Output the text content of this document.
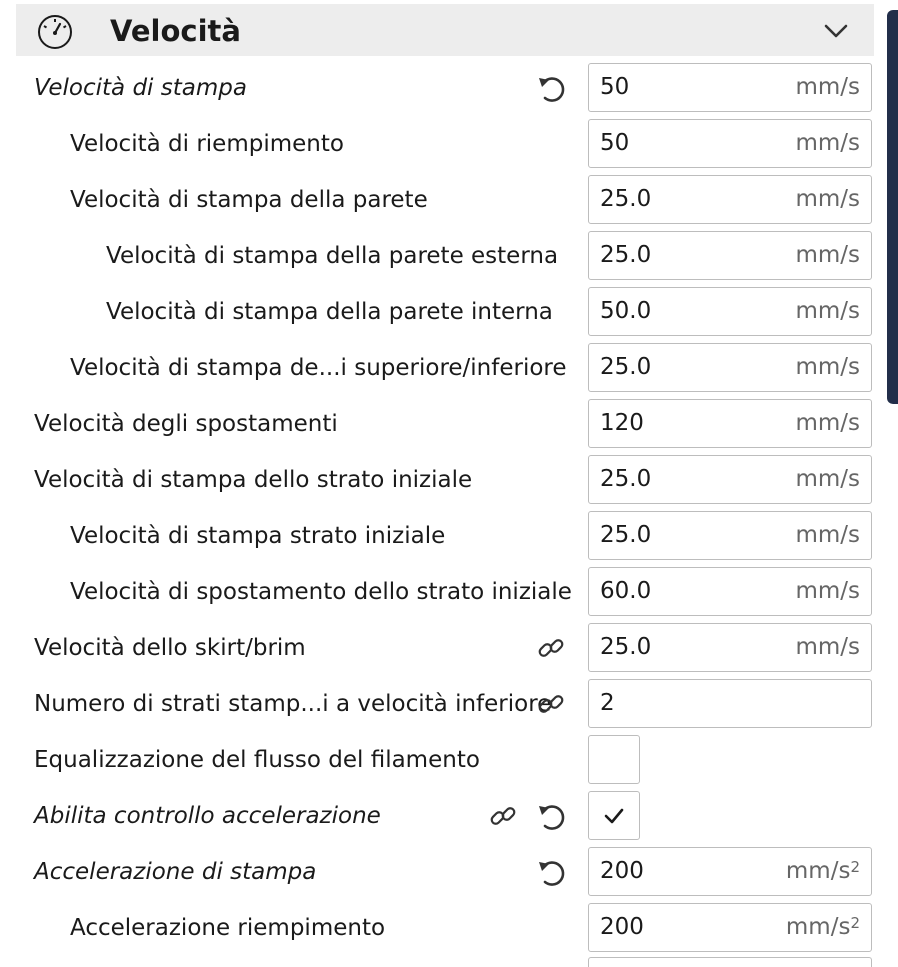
Velocità
Velocità di stampa	50	mm/s
Velocità di riempimento	50	mm/s
Velocità di stampa della parete	25.0	mm/s
Velocità di stampa della parete esterna 25.0	mm/s
Velocità di stampa della parete interna 50.0	mm/s
Velocità di stampa de...i superiore/inferiore 25.0	mm/s
Velocità degli spostamenti	120	mm/s
Velocità di stampa dello strato iniziale	25.0	mm/s
Velocità di stampa strato iniziale	25.0	mm/s
Velocità di spostamento dello strato iniziale 60.0	mm/s
Velocità dello skirt/brim	25.0	mm/s
Numero di strati stamp...i a velocità inferiore 2
Equalizzazione del flusso del filamento
Abilita controllo accelerazione
Accelerazione di stampa	200	$mm/s^2$
Accelerazione riempimento	200	$mm/s^2$
